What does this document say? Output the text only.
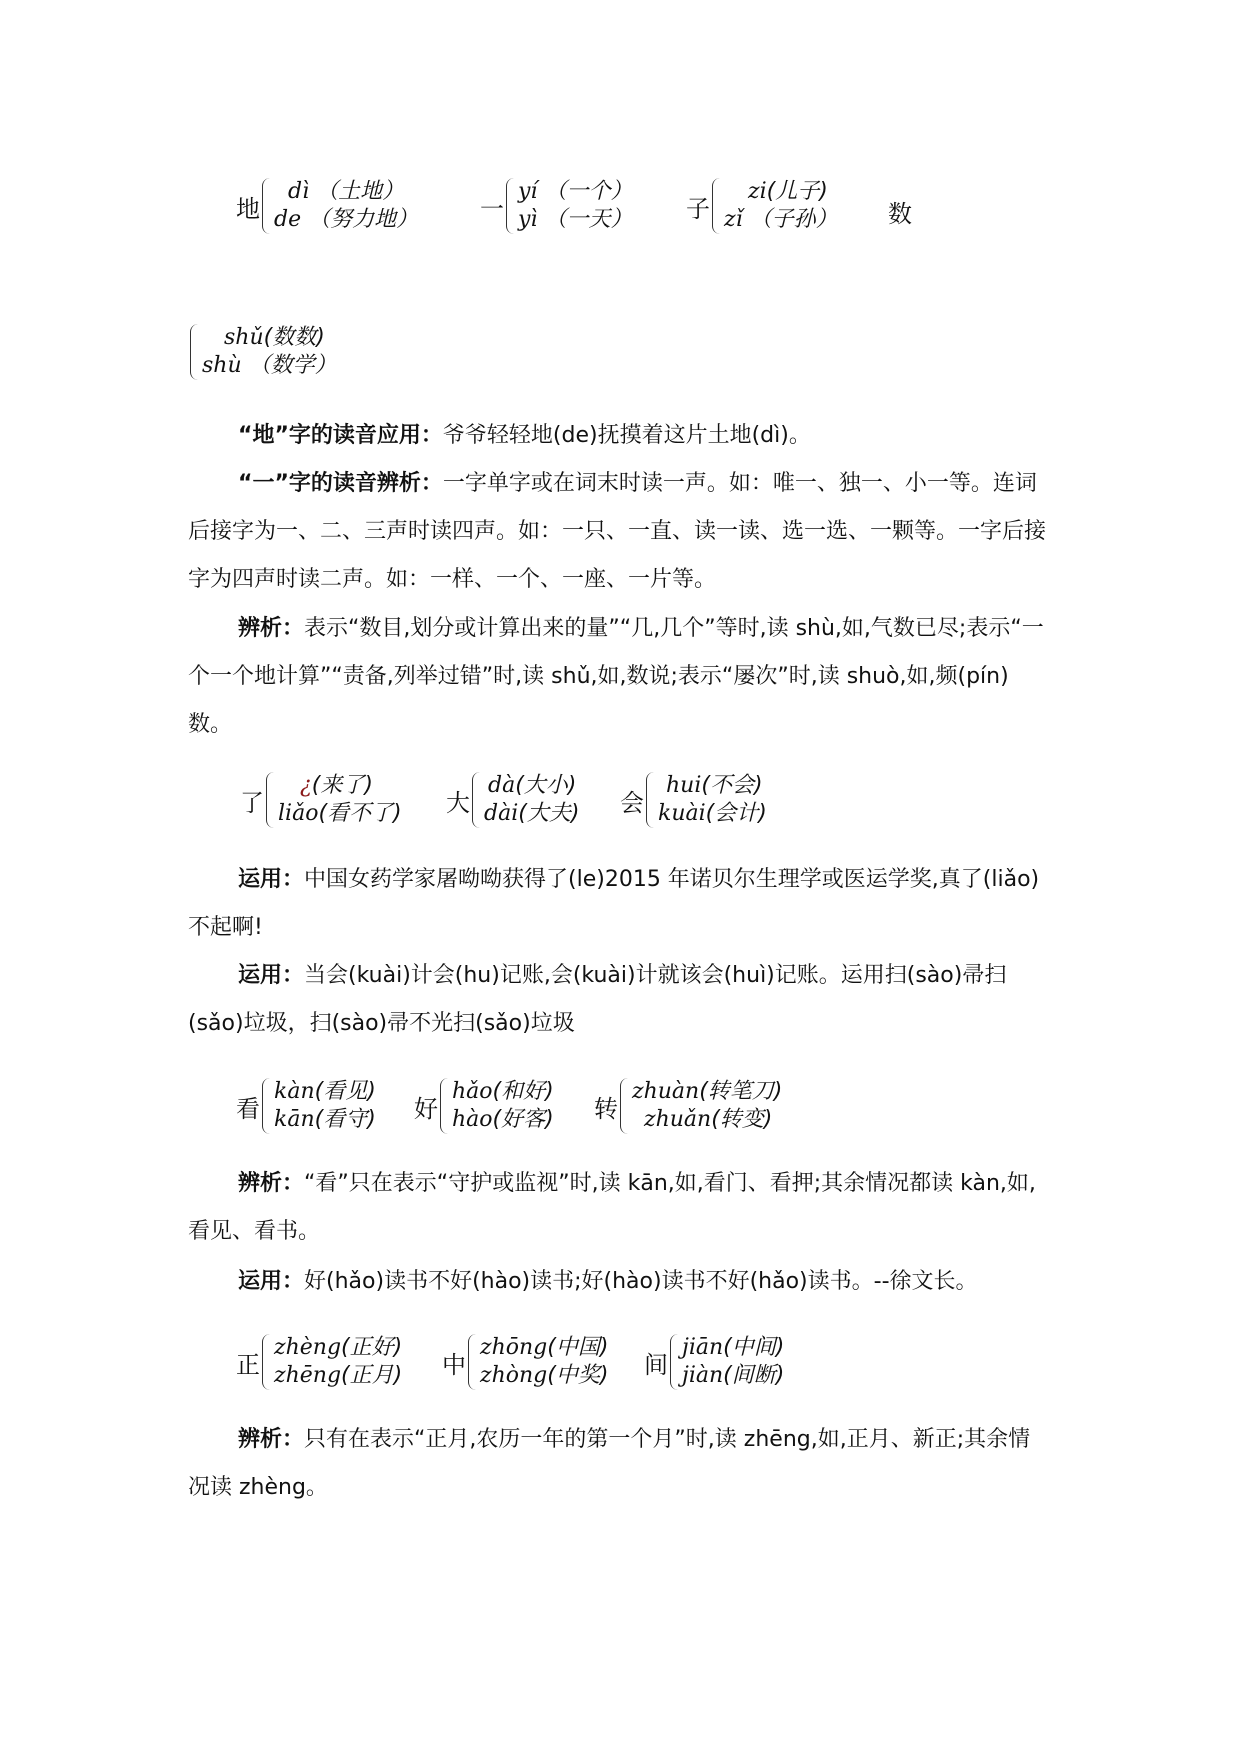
地
dì （土地）
de （努力地）	一
yí （一个）
yì （一天） 子
zi(儿子)
zǐ （子孙） 数
shǔ(数数)
shù （数学）
“地”字的读音应用：爷爷轻轻地(de)抚摸着这片土地(dì)。
“一”字的读音辨析：一字单字或在词末时读一声。如：唯一、独一、小一等。连词后接字为一、二、三声时读四声。如：一只、一直、读一读、选一选、一颗等。一字后接字为四声时读二声。如：一样、一个、一座、一片等。
辨析：表示“数目,划分或计算出来的量”“几,几个”等时,读 shù,如,气数已尽;表示“一个一个地计算”“责备,列举过错”时,读 shǔ,如,数说;表示“屡次”时,读 shuò,如,频(pín)数。
了
¿(来了)
liǎo(看不了) 大
dà(大小)
dài(大夫) 会
hui(不会)
kuài(会计)
运用：中国女药学家屠呦呦获得了(le)2015 年诺贝尔生理学或医运学奖,真了(liǎo)不起啊!
运用：当会(kuài)计会(hu)记账,会(kuài)计就该会(huì)记账。运用扫(sào)帚扫(sǎo)垃圾，扫(sào)帚不光扫(sǎo)垃圾
看
kàn(看见)
kān(看守) 好
hǎo(和好)
hào(好客) 转
zhuàn(转笔刀)
zhuǎn(转变)
辨析：“看”只在表示“守护或监视”时,读 kān,如,看门、看押;其余情况都读 kàn,如,看见、看书。
运用：好(hǎo)读书不好(hào)读书;好(hào)读书不好(hǎo)读书。--徐文长。
正
zhèng(正好)
zhēng(正月) 中
zhōng(中国)
zhòng(中奖) 间
jiān(中间)
jiàn(间断)
辨析：只有在表示“正月,农历一年的第一个月”时,读 zhēng,如,正月、新正;其余情况读 zhèng。
